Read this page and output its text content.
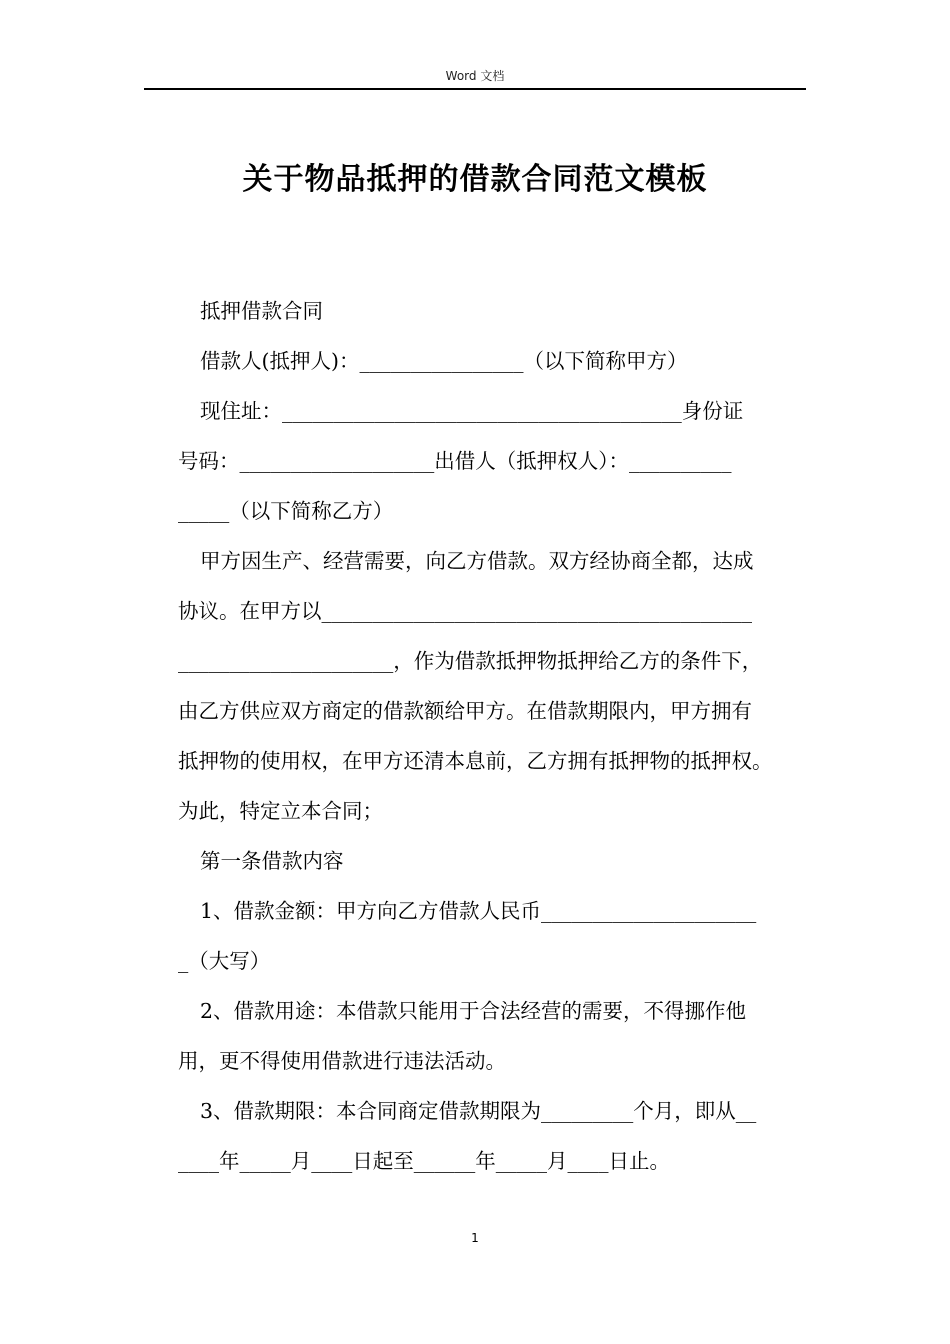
Word 文档
关于物品抵押的借款合同范文模板
抵押借款合同
借款人(抵押人)：________________（以下简称甲方）
现住址：_______________________________________身份证
号码：___________________出借人（抵押权人）：__________
_____（以下简称乙方）
甲方因生产、经营需要，向乙方借款。双方经协商全都，达成
协议。在甲方以__________________________________________
_____________________，作为借款抵押物抵押给乙方的条件下，
由乙方供应双方商定的借款额给甲方。在借款期限内，甲方拥有
抵押物的使用权，在甲方还清本息前，乙方拥有抵押物的抵押权。
为此，特定立本合同；
第一条借款内容
1、借款金额：甲方向乙方借款人民币_____________________
_（大写）
2、借款用途：本借款只能用于合法经营的需要，不得挪作他
用，更不得使用借款进行违法活动。
3、借款期限：本合同商定借款期限为_________个月，即从__
____年_____月____日起至______年_____月____日止。
1
